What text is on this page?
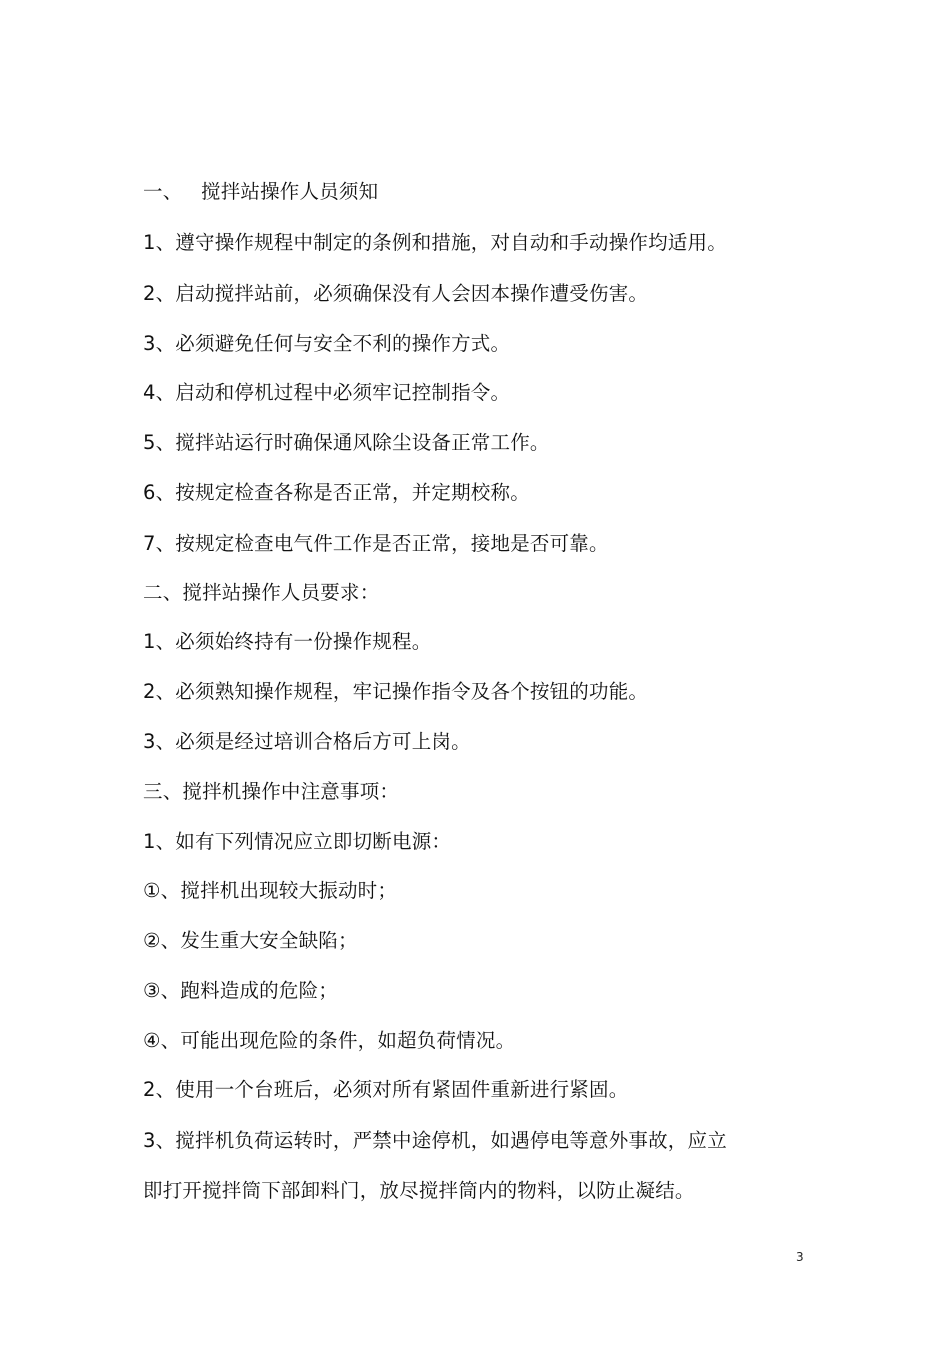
一、 搅拌站操作人员须知
1、遵守操作规程中制定的条例和措施，对自动和手动操作均适用。
2、启动搅拌站前，必须确保没有人会因本操作遭受伤害。
3、必须避免任何与安全不利的操作方式。
4、启动和停机过程中必须牢记控制指令。
5、搅拌站运行时确保通风除尘设备正常工作。
6、按规定检查各称是否正常，并定期校称。
7、按规定检查电气件工作是否正常，接地是否可靠。
二、搅拌站操作人员要求：
1、必须始终持有一份操作规程。
2、必须熟知操作规程，牢记操作指令及各个按钮的功能。
3、必须是经过培训合格后方可上岗。
三、搅拌机操作中注意事项：
1、如有下列情况应立即切断电源：
①、搅拌机出现较大振动时；
②、发生重大安全缺陷；
③、跑料造成的危险；
④、可能出现危险的条件，如超负荷情况。
2、使用一个台班后，必须对所有紧固件重新进行紧固。
3、搅拌机负荷运转时，严禁中途停机，如遇停电等意外事故，应立
即打开搅拌筒下部卸料门，放尽搅拌筒内的物料，以防止凝结。
3
